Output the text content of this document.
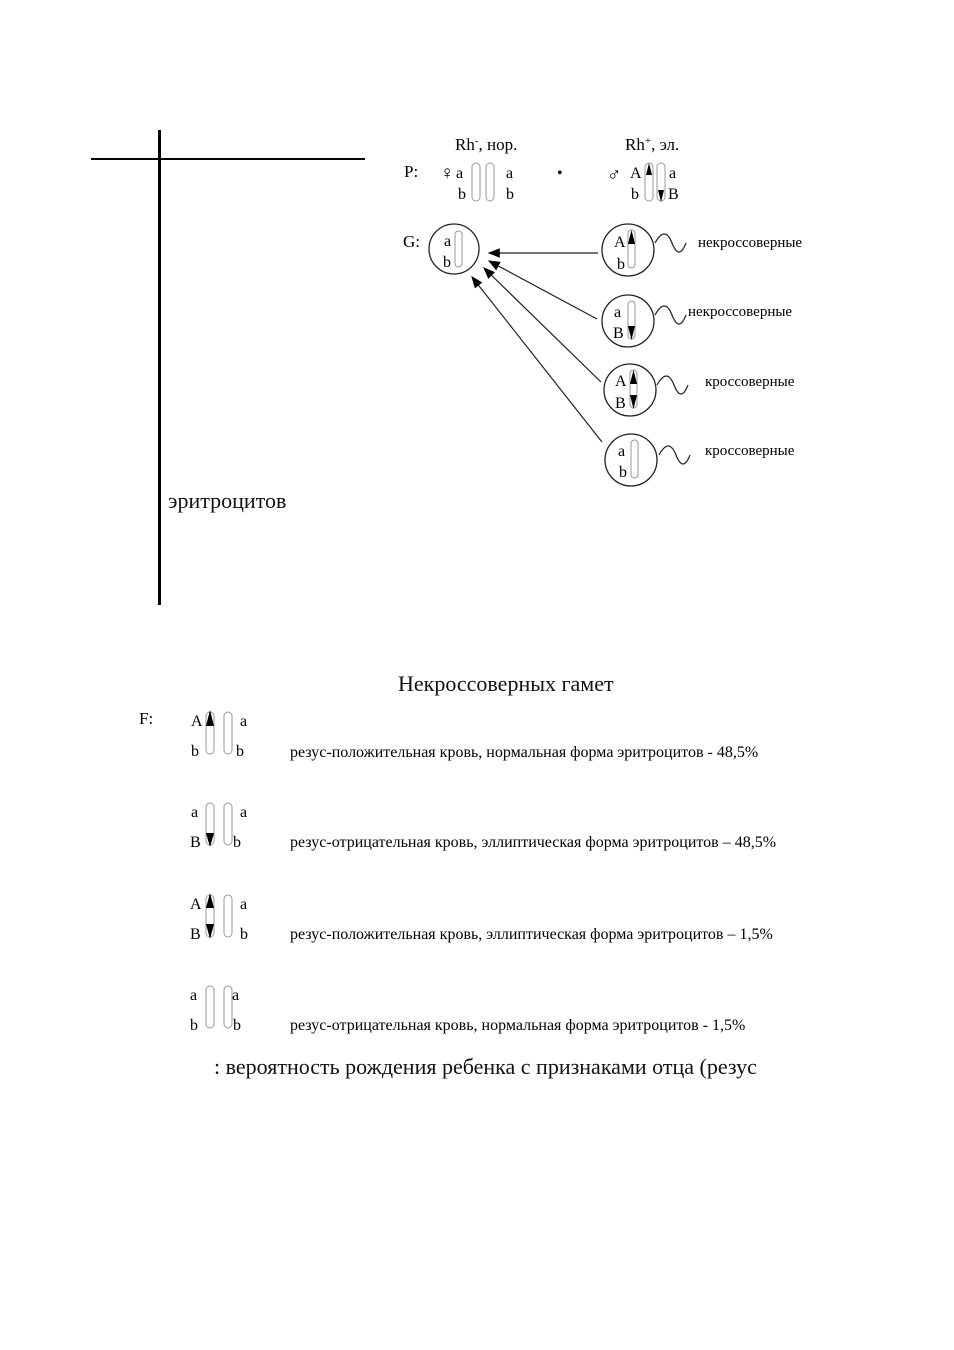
эритроцитов
Rh-, нор.	Rh+, эл.
P: ♀ a
b
a
b
• ♂ A
b
a
B
G: a
b
A
b
некроссоверные
a
B
некроссоверные
A
B
кроссоверные
a
b
кроссоверные
Некроссоверных гамет
F: A
b
a
b	резус-положительная кровь, нормальная форма эритроцитов - 48,5%
a
B
a
b	резус-отрицательная кровь, эллиптическая форма эритроцитов – 48,5%
A
B
a
b	резус-положительная кровь, эллиптическая форма эритроцитов – 1,5%
a
b
a
b	резус-отрицательная кровь, нормальная форма эритроцитов - 1,5%
: вероятность рождения ребенка с признаками отца (резус
